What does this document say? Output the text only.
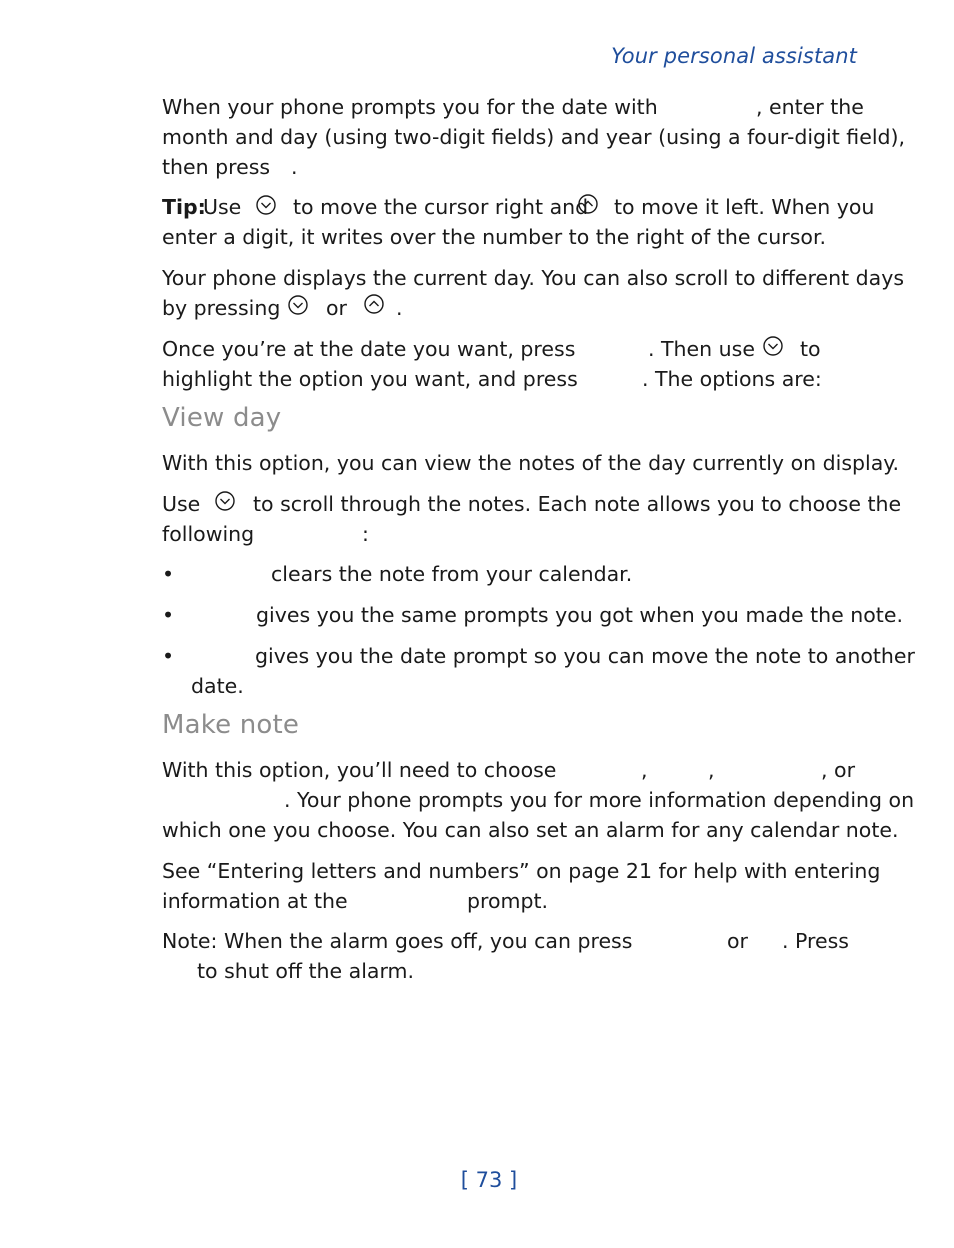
Your personal assistant
When your phone prompts you for the date with	, enter the
month and day (using two-digit fields) and year (using a four-digit field),
then press .
Tip:
Use	to move the cursor right and to move it left. When you
enter a digit, it writes over the number to the right of the cursor.
Your phone displays the current day. You can also scroll to different days
by pressing or .
Once you’re at the date you want, press	. Then use to
highlight the option you want, and press	. The options are:
View day
With this option, you can view the notes of the day currently on display.
Use	to scroll through the notes. Each note allows you to choose the
following	:
•	clears the note from your calendar.
•	gives you the same prompts you got when you made the note.
•	gives you the date prompt so you can move the note to another
date.
Make note
With this option, you’ll need to choose	,	,	, or
. Your phone prompts you for more information depending on
which one you choose. You can also set an alarm for any calendar note.
See “Entering letters and numbers” on page 21 for help with entering
information at the	prompt.
Note: When the alarm goes off, you can press	or . Press
to shut off the alarm.
[ 73 ]
